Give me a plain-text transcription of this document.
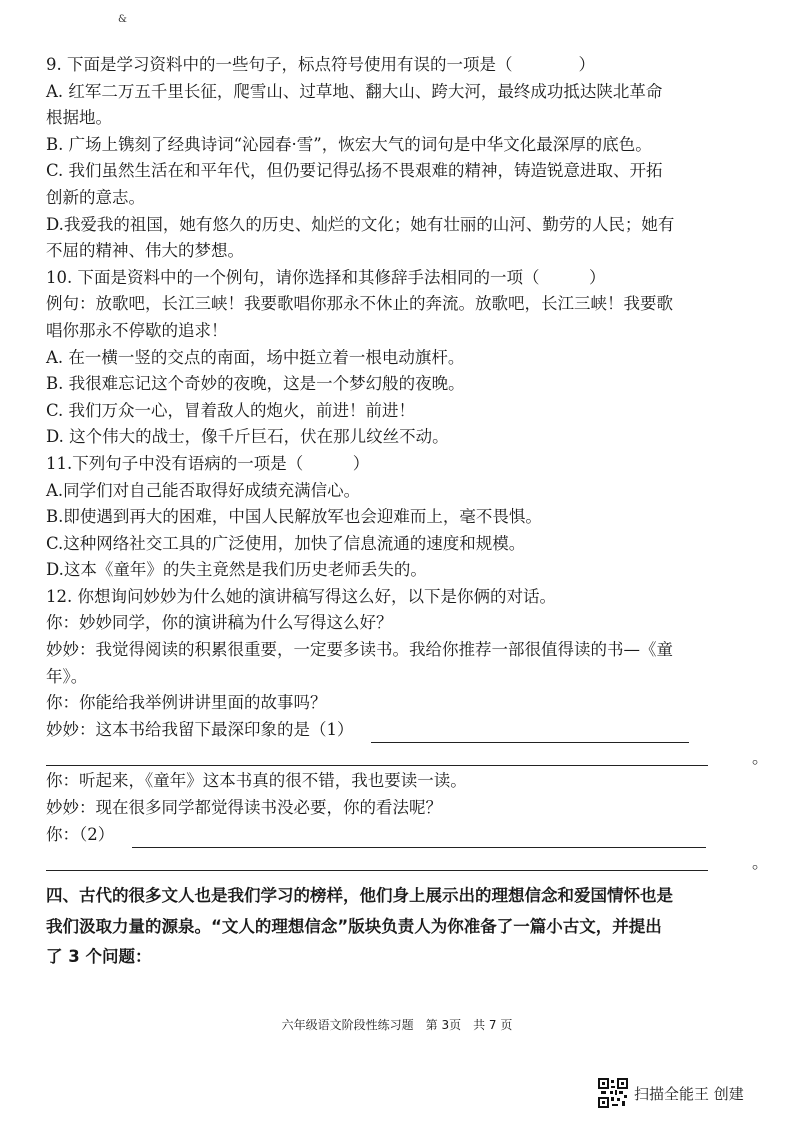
&
9. 下面是学习资料中的一些句子，标点符号使用有误的一项是（　　　　）
A. 红军二万五千里长征，爬雪山、过草地、翻大山、跨大河，最终成功抵达陕北革命
根据地。
B. 广场上镌刻了经典诗词“沁园春·雪”，恢宏大气的词句是中华文化最深厚的底色。
C. 我们虽然生活在和平年代，但仍要记得弘扬不畏艰难的精神，铸造锐意进取、开拓
创新的意志。
D.我爱我的祖国，她有悠久的历史、灿烂的文化；她有壮丽的山河、勤劳的人民；她有
不屈的精神、伟大的梦想。
10. 下面是资料中的一个例句，请你选择和其修辞手法相同的一项（　　　）
例句：放歌吧，长江三峡！我要歌唱你那永不休止的奔流。放歌吧，长江三峡！我要歌
唱你那永不停歇的追求！
A. 在一横一竖的交点的南面，场中挺立着一根电动旗杆。
B. 我很难忘记这个奇妙的夜晚，这是一个梦幻般的夜晚。
C. 我们万众一心，冒着敌人的炮火，前进！前进！
D. 这个伟大的战士，像千斤巨石，伏在那儿纹丝不动。
11.下列句子中没有语病的一项是（　　　）
A.同学们对自己能否取得好成绩充满信心。
B.即使遇到再大的困难，中国人民解放军也会迎难而上，毫不畏惧。
C.这种网络社交工具的广泛使用，加快了信息流通的速度和规模。
D.这本《童年》的失主竟然是我们历史老师丢失的。
12. 你想询问妙妙为什么她的演讲稿写得这么好，以下是你俩的对话。
你：妙妙同学，你的演讲稿为什么写得这么好？
妙妙：我觉得阅读的积累很重要，一定要多读书。我给你推荐一部很值得读的书—《童
年》。
你：你能给我举例讲讲里面的故事吗？
妙妙：这本书给我留下最深印象的是（1）
。
你：听起来，《童年》这本书真的很不错，我也要读一读。
妙妙：现在很多同学都觉得读书没必要，你的看法呢？
你：（2）
。
四、古代的很多文人也是我们学习的榜样，他们身上展示出的理想信念和爱国情怀也是
我们汲取力量的源泉。“文人的理想信念”版块负责人为你准备了一篇小古文，并提出
了 3 个问题：
六年级语文阶段性练习题　第 3页　共 7 页
扫描全能王 创建
